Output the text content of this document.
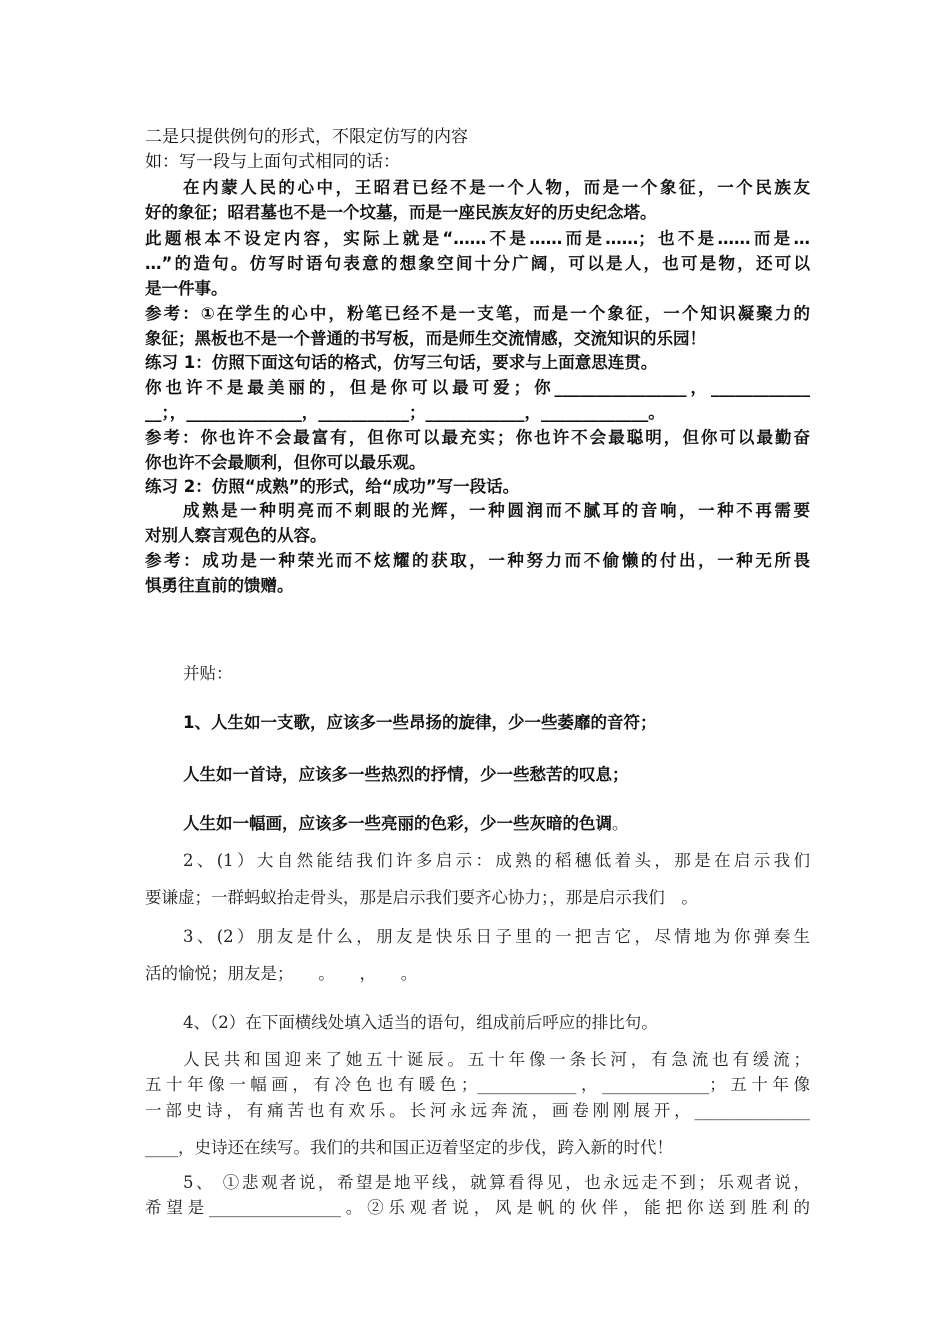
二是只提供例句的形式，不限定仿写的内容
如：写一段与上面句式相同的话：
在内蒙人民的心中，王昭君已经不是一个人物，而是一个象征，一个民族友
好的象征；昭君墓也不是一个坟墓，而是一座民族友好的历史纪念塔。
此题根本不设定内容，实际上就是“……不是……而是……；也不是……而是…
…”的造句。仿写时语句表意的想象空间十分广阔，可以是人，也可是物，还可以
是一件事。
参考：①在学生的心中，粉笔已经不是一支笔，而是一个象征，一个知识凝聚力的
象征；黑板也不是一个普通的书写板，而是师生交流情感，交流知识的乐园！
练习 1：仿照下面这句话的格式，仿写三句话，要求与上面意思连贯。
你也许不是最美丽的，但是你可以最可爱；你________________，____________
__；，______________，___________；____________，_____________。
参考：你也许不会最富有，但你可以最充实；你也许不会最聪明，但你可以最勤奋
你也许不会最顺利，但你可以最乐观。
练习 2：仿照“成熟”的形式，给“成功”写一段话。
成熟是一种明亮而不刺眼的光辉，一种圆润而不腻耳的音响，一种不再需要
对别人察言观色的从容。
参考：成功是一种荣光而不炫耀的获取，一种努力而不偷懒的付出，一种无所畏
惧勇往直前的馈赠。
并贴：
1、人生如一支歌，应该多一些昂扬的旋律，少一些萎靡的音符；
人生如一首诗，应该多一些热烈的抒情，少一些愁苦的叹息；
人生如一幅画，应该多一些亮丽的色彩，少一些灰暗的色调。
2、(1）大自然能结我们许多启示：成熟的稻穗低着头，那是在启示我们
要谦虚；一群蚂蚁抬走骨头，那是启示我们要齐心协力；，那是启示我们　。
3、(2）朋友是什么，朋友是快乐日子里的一把吉它，尽情地为你弹奏生
活的愉悦；朋友是；　　。　　，　　。
4、（2）在下面横线处填入适当的语句，组成前后呼应的排比句。
人民共和国迎来了她五十诞辰。五十年像一条长河，有急流也有缓流；
五十年像一幅画，有冷色也有暖色；____________，_____________；五十年像
一部史诗，有痛苦也有欢乐。长河永远奔流，画卷刚刚展开，______________
____，史诗还在续写。我们的共和国正迈着坚定的步伐，跨入新的时代！
5、 ①悲观者说，希望是地平线，就算看得见，也永远走不到；乐观者说，
希望是________________。②乐观者说，风是帆的伙伴，能把你送到胜利的
